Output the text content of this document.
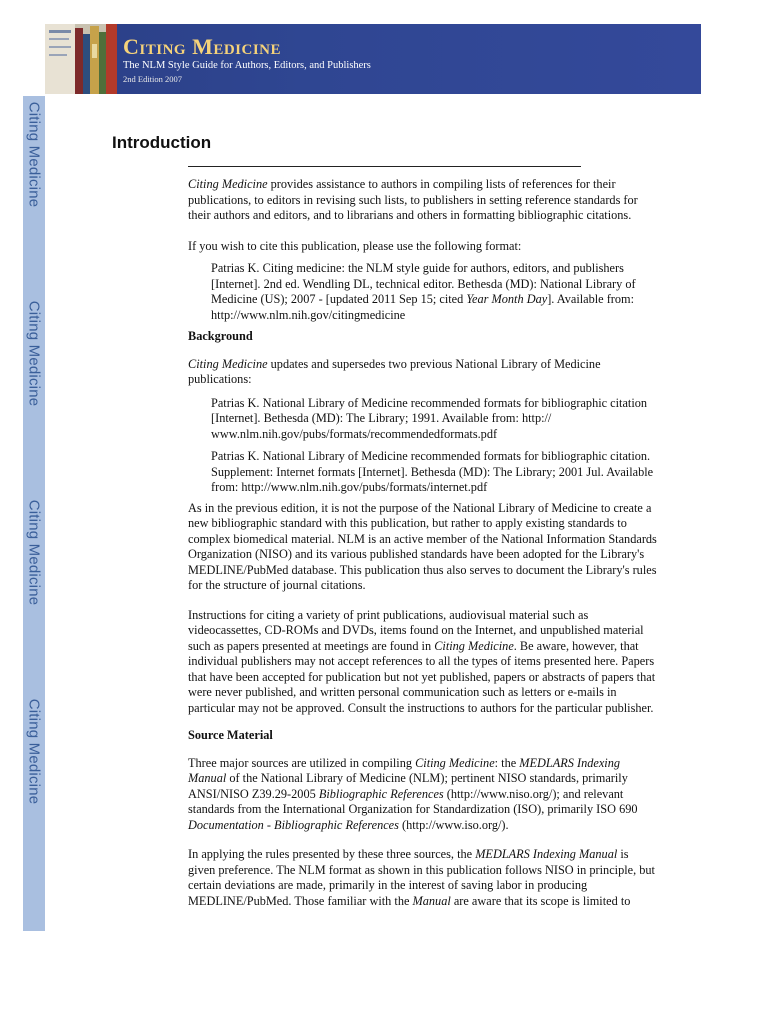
Citing Medicine
Citing Medicine
Citing Medicine
Citing Medicine
Citing Medicine
The NLM Style Guide for Authors, Editors, and Publishers
2nd Edition 2007
Introduction

Citing Medicine provides assistance to authors in compiling lists of references for their publications, to editors in revising such lists, to publishers in setting reference standards for their authors and editors, and to librarians and others in formatting bibliographic citations.

If you wish to cite this publication, please use the following format:

Patrias K. Citing medicine: the NLM style guide for authors, editors, and publishers [Internet]. 2nd ed. Wendling DL, technical editor. Bethesda (MD): National Library of Medicine (US); 2007 - [updated 2011 Sep 15; cited Year Month Day]. Available from: http://www.nlm.nih.gov/citingmedicine

Background

Citing Medicine updates and supersedes two previous National Library of Medicine publications:

Patrias K. National Library of Medicine recommended formats for bibliographic citation [Internet]. Bethesda (MD): The Library; 1991. Available from: http:// www.nlm.nih.gov/pubs/formats/recommendedformats.pdf

Patrias K. National Library of Medicine recommended formats for bibliographic citation. Supplement: Internet formats [Internet]. Bethesda (MD): The Library; 2001 Jul. Available from: http://www.nlm.nih.gov/pubs/formats/internet.pdf

As in the previous edition, it is not the purpose of the National Library of Medicine to create a new bibliographic standard with this publication, but rather to apply existing standards to complex biomedical material. NLM is an active member of the National Information Standards Organization (NISO) and its various published standards have been adopted for the Library's MEDLINE/PubMed database. This publication thus also serves to document the Library's rules for the structure of journal citations.

Instructions for citing a variety of print publications, audiovisual material such as videocassettes, CD-ROMs and DVDs, items found on the Internet, and unpublished material such as papers presented at meetings are found in Citing Medicine. Be aware, however, that individual publishers may not accept references to all the types of items presented here. Papers that have been accepted for publication but not yet published, papers or abstracts of papers that were never published, and written personal communication such as letters or e-mails in particular may not be approved. Consult the instructions to authors for the particular publisher.

Source Material

Three major sources are utilized in compiling Citing Medicine: the MEDLARS Indexing Manual of the National Library of Medicine (NLM); pertinent NISO standards, primarily ANSI/NISO Z39.29-2005 Bibliographic References (http://www.niso.org/); and relevant standards from the International Organization for Standardization (ISO), primarily ISO 690 Documentation - Bibliographic References (http://www.iso.org/).

In applying the rules presented by these three sources, the MEDLARS Indexing Manual is given preference. The NLM format as shown in this publication follows NISO in principle, but certain deviations are made, primarily in the interest of saving labor in producing MEDLINE/PubMed. Those familiar with the Manual are aware that its scope is limited to
